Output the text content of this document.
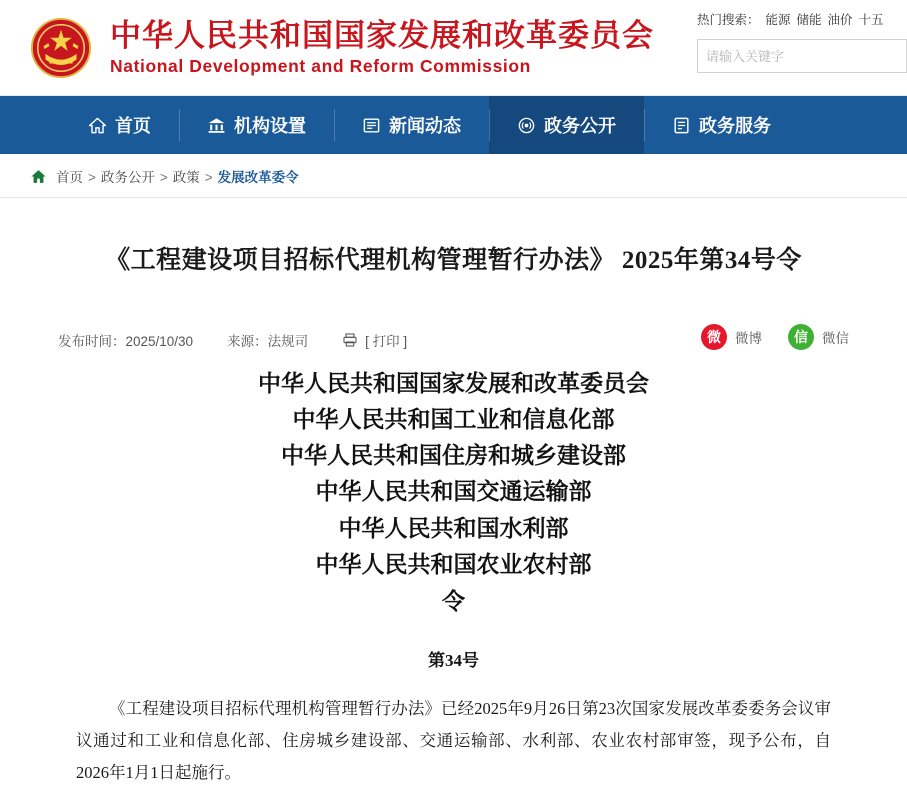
中华人民共和国国家发展和改革委员会
National Development and Reform Commission
热门搜索： 能源 储能 油价 十五
请输入关键字
首页	机构设置	新闻动态	政务公开	政务服务
首页 > 政务公开 > 政策 > 发展改革委令
《工程建设项目招标代理机构管理暂行办法》 2025年第34号令
发布时间：2025/10/30	来源：法规司	[ 打印 ]	微	微博	信	微信
中华人民共和国国家发展和改革委员会
中华人民共和国工业和信息化部
中华人民共和国住房和城乡建设部
中华人民共和国交通运输部
中华人民共和国水利部
中华人民共和国农业农村部
令
第34号

《工程建设项目招标代理机构管理暂行办法》已经2025年9月26日第23次国家发展改革委委务会议审议通过和工业和信息化部、住房城乡建设部、交通运输部、水利部、农业农村部审签，现予公布，自2026年1月1日起施行。
